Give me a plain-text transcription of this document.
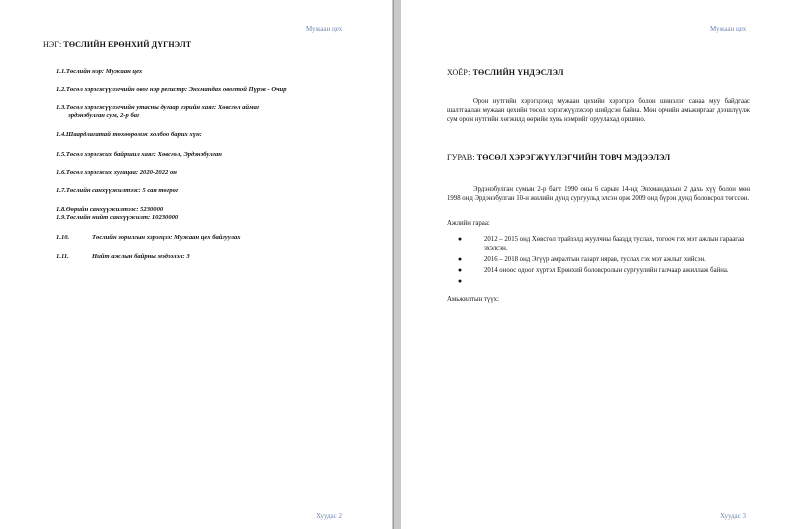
Мужаан цех
НЭГ: ТӨСЛИЙН ЕРӨНХИЙ ДҮГНЭЛТ
1.1.Төслийн нэр: Мужаан цех
1.2.Төсөл хэрэгжүүлэгчийн овог нэр регистр: Энхмандах овогтой Пүрэв - Очир
1.3.Төсөл хэрэгжүүлэгчийн утасны дугаар гэрийн хаяг: Хөвсгөл аймаг
эрдэнэбулган сум, 2-р баг
1.4.Шаардлагатай төхөөрөмж холбоо барих хүн:
1.5.Төсөл хэрэгжих байршил хаяг: Хөвсгөл, Эрдэнэбулган
1.6.Төсөл хэрэгжих хугацаа: 2020-2022 он
1.7.Төслийн санхүүжилтээс: 5 сая төгрөг
1.8.Өөрийн санхүүжилтээс: 5230000
1.9.Төслийн нийт санхүүжилт: 10230000
1.10.	Төслийн зорилгын хэрэгцээ: Мужаан цех байгуулах
1.11.	Нийт ажлын байрны мэдээлэл: 3
Хуудас 2
Мужаан цех
ХОЁР: ТӨСЛИЙН ҮНДЭСЛЭЛ
Орон нутгийн хэрэгцээнд мужаан цехийн хэрэгцээ болон шинэлэг санаа муу байдгаас шалтгаалан мужаан цехийн төсөл хэрэгжүүлэхээр шийдсэн байна. Мөн орчийн амьжиргааг дээшлүүлж сум орон нутгийн хөгжилд өөрийн хувь нэмрийг оруулахад оршино.
ГУРАВ: ТӨСӨЛ ХЭРЭГЖҮҮЛЭГЧИЙН ТОВЧ МЭДЭЭЛЭЛ
Эрдэнэбулган сумын 2-р багт 1990 оны 6 сарын 14-нд Энхмандахын 2 дахь хүү болон мөн 1998 онд Эрдэнэбулган 10-н жилийн дунд сургуульд элсэн орж 2009 онд бүрэн дунд боловсрол төгссөн.
Ажлийн гараа:
●	2012 – 2015 онд Хөвсгөл трайзэлд жуулчны бааздд туслах, тогооч гэх мэт ажлын гараагаа эхэлсэн.
●	2016 – 2018 онд Эгүүр амралтын газарт нярав, туслах гэх мэт ажлыг хийсэн.
●	2014 оноос одоог хүртэл Ерөнхий боловсролын сургуулийн галчаар ажиллаж байна.
●
Амьжилтын түүх:
Хуудас 3
